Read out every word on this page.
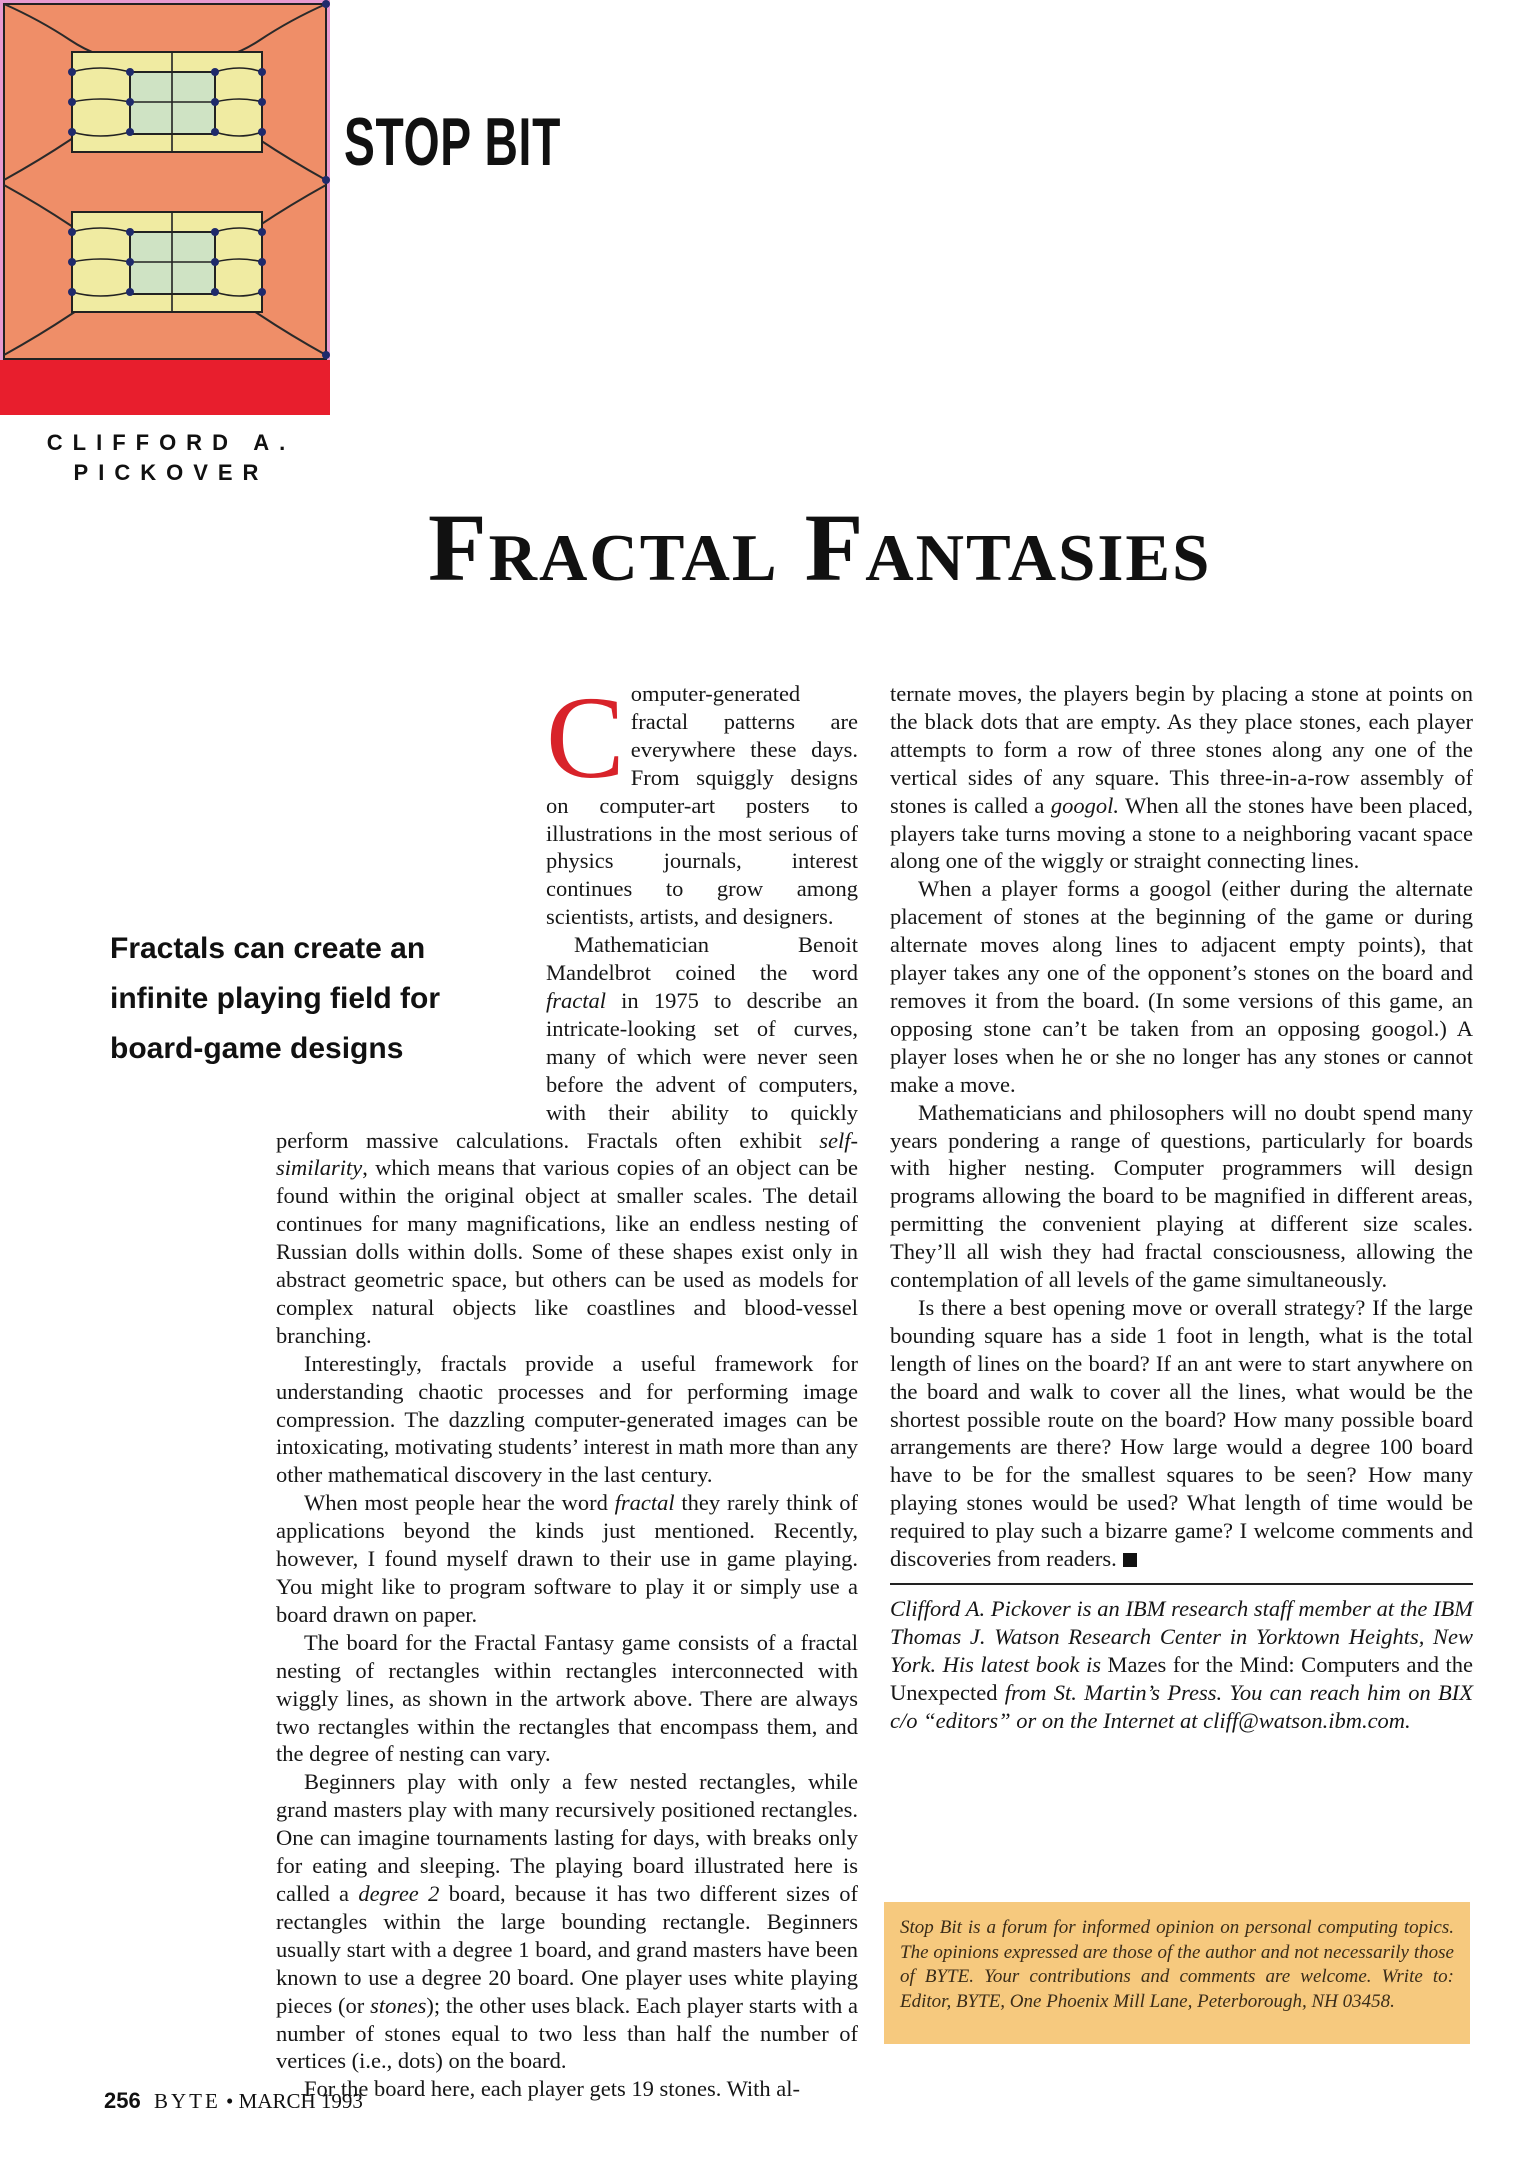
STOP BIT
CLIFFORD A. PICKOVER
Fractal Fantasies

Fractals can create an infinite playing field for board-game designs

Computer-generated fractal patterns are everywhere these days. From squiggly designs on computer-art posters to illustrations in the most serious of physics journals, interest continues to grow among scientists, artists, and designers.

Mathematician Benoit Mandelbrot coined the word fractal in 1975 to describe an intricate-looking set of curves, many of which were never seen before the advent of computers, with their ability to quickly perform massive calculations. Fractals often exhibit self-similarity, which means that various copies of an object can be found within the original object at smaller scales. The detail continues for many magnifications, like an endless nesting of Russian dolls within dolls. Some of these shapes exist only in abstract geometric space, but others can be used as models for complex natural objects like coastlines and blood-vessel branching.

Interestingly, fractals provide a useful framework for understanding chaotic processes and for performing image compression. The dazzling computer-generated images can be intoxicating, motivating students’ interest in math more than any other mathematical discovery in the last century.

When most people hear the word fractal they rarely think of applications beyond the kinds just mentioned. Recently, however, I found myself drawn to their use in game playing. You might like to program software to play it or simply use a board drawn on paper.

The board for the Fractal Fantasy game consists of a fractal nesting of rectangles within rectangles interconnected with wiggly lines, as shown in the artwork above. There are always two rectangles within the rectangles that encompass them, and the degree of nesting can vary.

Beginners play with only a few nested rectangles, while grand masters play with many recursively positioned rectangles. One can imagine tournaments lasting for days, with breaks only for eating and sleeping. The playing board illustrated here is called a degree 2 board, because it has two different sizes of rectangles within the large bounding rectangle. Beginners usually start with a degree 1 board, and grand masters have been known to use a degree 20 board. One player uses white playing pieces (or stones); the other uses black. Each player starts with a number of stones equal to two less than half the number of vertices (i.e., dots) on the board.

For the board here, each player gets 19 stones. With al-

ternate moves, the players begin by placing a stone at points on the black dots that are empty. As they place stones, each player attempts to form a row of three stones along any one of the vertical sides of any square. This three-in-a-row assembly of stones is called a googol. When all the stones have been placed, players take turns moving a stone to a neighboring vacant space along one of the wiggly or straight connecting lines.

When a player forms a googol (either during the alternate placement of stones at the beginning of the game or during alternate moves along lines to adjacent empty points), that player takes any one of the opponent’s stones on the board and removes it from the board. (In some versions of this game, an opposing stone can’t be taken from an opposing googol.) A player loses when he or she no longer has any stones or cannot make a move.

Mathematicians and philosophers will no doubt spend many years pondering a range of questions, particularly for boards with higher nesting. Computer programmers will design programs allowing the board to be magnified in different areas, permitting the convenient playing at different size scales. They’ll all wish they had fractal consciousness, allowing the contemplation of all levels of the game simultaneously.

Is there a best opening move or overall strategy? If the large bounding square has a side 1 foot in length, what is the total length of lines on the board? If an ant were to start anywhere on the board and walk to cover all the lines, what would be the shortest possible route on the board? How many possible board arrangements are there? How large would a degree 100 board have to be for the smallest squares to be seen? How many playing stones would be used? What length of time would be required to play such a bizarre game? I welcome comments and discoveries from readers.

Clifford A. Pickover is an IBM research staff member at the IBM Thomas J. Watson Research Center in Yorktown Heights, New York. His latest book is Mazes for the Mind: Computers and the Unexpected from St. Martin’s Press. You can reach him on BIX c/o “editors” or on the Internet at cliff@watson.ibm.com.

Stop Bit is a forum for informed opinion on personal computing topics. The opinions expressed are those of the author and not necessarily those of BYTE. Your contributions and comments are welcome. Write to: Editor, BYTE, One Phoenix Mill Lane, Peterborough, NH 03458.
256 BYTE • MARCH 1993
